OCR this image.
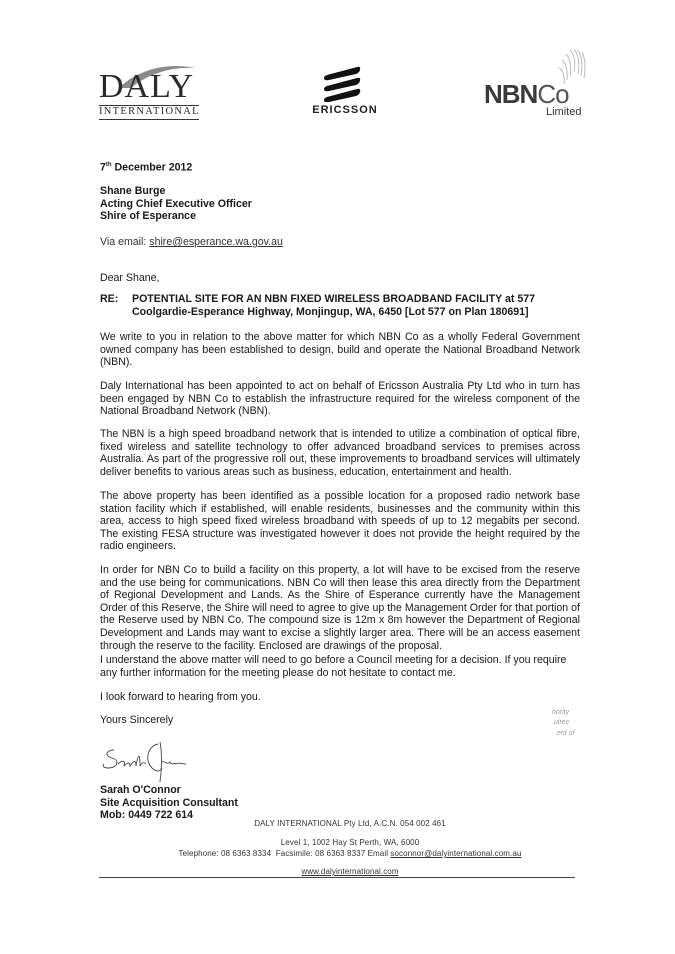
DALY
INTERNATIONAL	ERICSSON
NBNCo
Limited
7th December 2012
Shane Burge
Acting Chief Executive Officer
Shire of Esperance
Via email: shire@esperance.wa.gov.au
Dear Shane,
RE: POTENTIAL SITE FOR AN NBN FIXED WIRELESS BROADBAND FACILITY at 577
Coolgardie-Esperance Highway, Monjingup, WA, 6450 [Lot 577 on Plan 180691]
We write to you in relation to the above matter for which NBN Co as a wholly Federal Government owned company has been established to design, build and operate the National Broadband Network (NBN).
Daly International has been appointed to act on behalf of Ericsson Australia Pty Ltd who in turn has been engaged by NBN Co to establish the infrastructure required for the wireless component of the National Broadband Network (NBN).
The NBN is a high speed broadband network that is intended to utilize a combination of optical fibre, fixed wireless and satellite technology to offer advanced broadband services to premises across Australia. As part of the progressive roll out, these improvements to broadband services will ultimately deliver benefits to various areas such as business, education, entertainment and health.
The above property has been identified as a possible location for a proposed radio network base station facility which if established, will enable residents, businesses and the community within this area, access to high speed fixed wireless broadband with speeds of up to 12 megabits per second. The existing FESA structure was investigated however it does not provide the height required by the radio engineers.
In order for NBN Co to build a facility on this property, a lot will have to be excised from the reserve and the use being for communications. NBN Co will then lease this area directly from the Department of Regional Development and Lands. As the Shire of Esperance currently have the Management Order of this Reserve, the Shire will need to agree to give up the Management Order for that portion of the Reserve used by NBN Co. The compound size is 12m x 8m however the Department of Regional Development and Lands may want to excise a slightly larger area. There will be an access easement through the reserve to the facility. Enclosed are drawings of the proposal.
I understand the above matter will need to go before a Council meeting for a decision. If you require any further information for the meeting please do not hesitate to contact me.
I look forward to hearing from you.
Yours Sincerely
Sarah O'Connor
Site Acquisition Consultant
Mob: 0449 722 614
hority
uirec
ent of
DALY INTERNATIONAL Pty Ltd, A.C.N. 054 002 461
Level 1, 1002 Hay St Perth, WA, 6000
Telephone: 08 6363 8334 Facsimile: 08 6363 8337 Email soconnor@dalyinternational.com.au
www.dalyinternational.com
